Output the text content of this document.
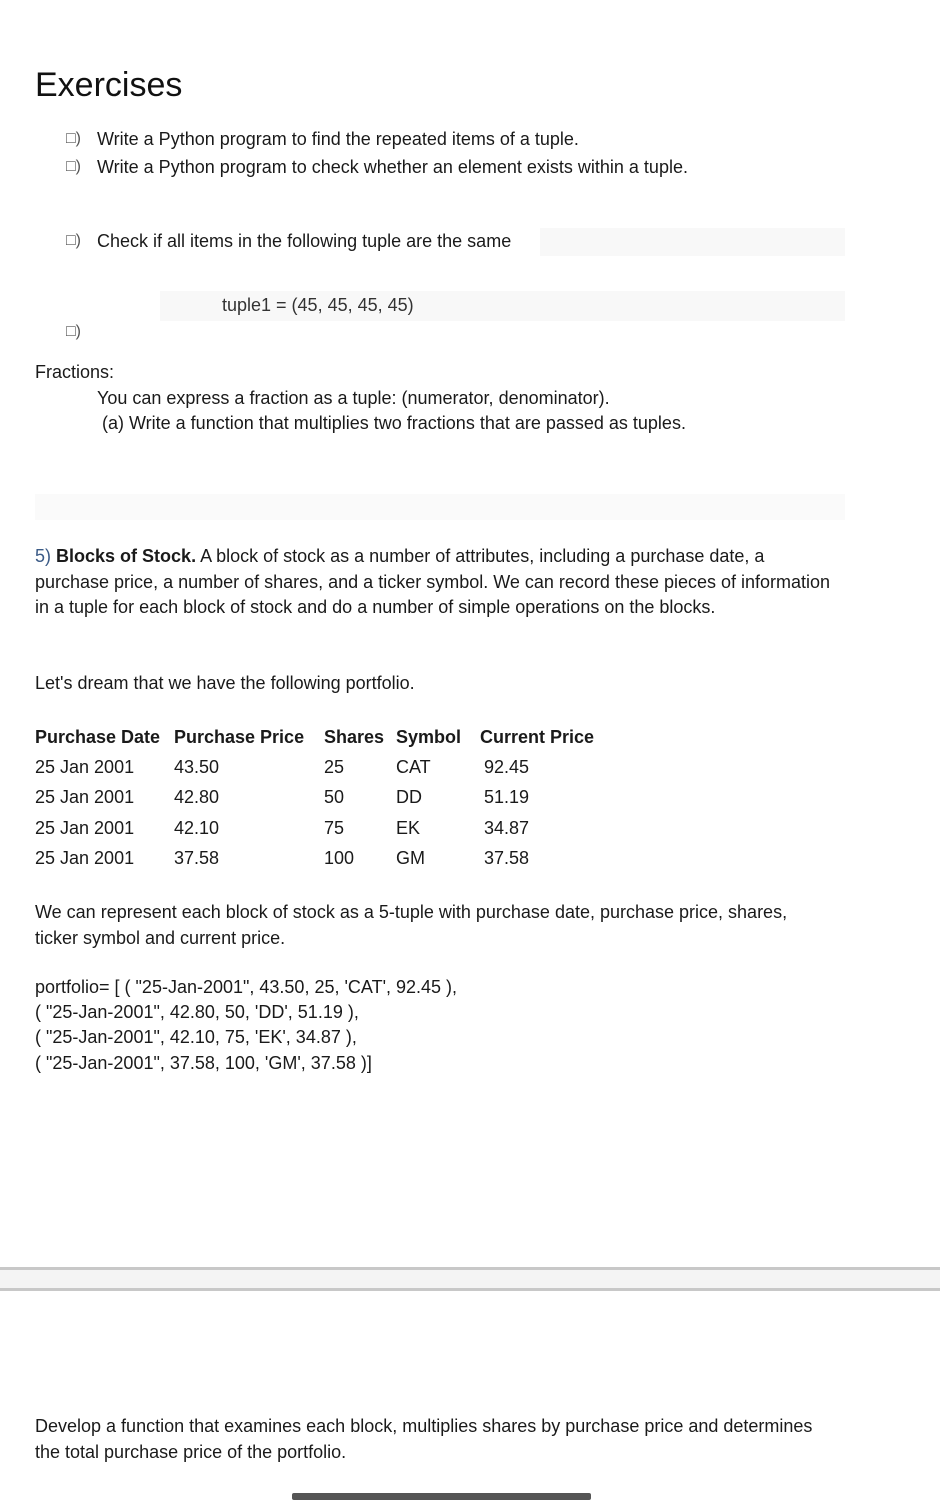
Exercises
□) Write a Python program to find the repeated items of a tuple.
□) Write a Python program to check whether an element exists within a tuple.
□) Check if all items in the following tuple are the same
tuple1 = (45, 45, 45, 45)
□)
Fractions:
You can express a fraction as a tuple: (numerator, denominator).
(a) Write a function that multiplies two fractions that are passed as tuples.
5) Blocks of Stock. A block of stock as a number of attributes, including a purchase date, a purchase price, a number of shares, and a ticker symbol. We can record these pieces of information in a tuple for each block of stock and do a number of simple operations on the blocks.
Let's dream that we have the following portfolio.
Purchase Date	Purchase Price	Shares	Symbol	Current Price
25 Jan 2001	43.50	25	CAT	92.45
25 Jan 2001	42.80	50	DD	51.19
25 Jan 2001	42.10	75	EK	34.87
25 Jan 2001	37.58	100	GM	37.58
We can represent each block of stock as a 5-tuple with purchase date, purchase price, shares, ticker symbol and current price.
portfolio= [ ( "25-Jan-2001", 43.50, 25, 'CAT', 92.45 ),
( "25-Jan-2001", 42.80, 50, 'DD', 51.19 ),
( "25-Jan-2001", 42.10, 75, 'EK', 34.87 ),
( "25-Jan-2001", 37.58, 100, 'GM', 37.58 )]
Develop a function that examines each block, multiplies shares by purchase price and determines the total purchase price of the portfolio.
